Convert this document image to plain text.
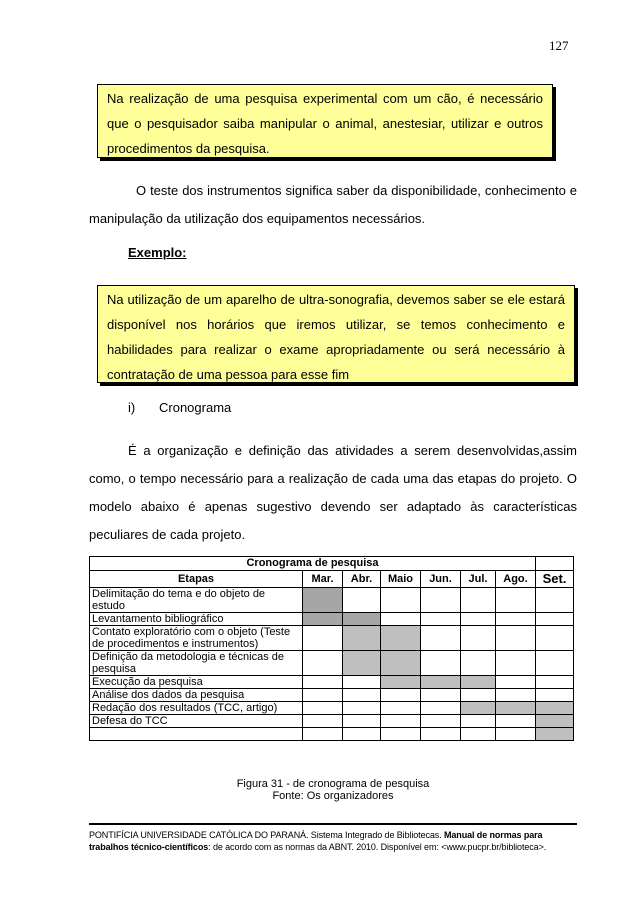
127
Na realização de uma pesquisa experimental com um cão, é necessário que o pesquisador saiba manipular o animal, anestesiar, utilizar e outros procedimentos da pesquisa.
O teste dos instrumentos significa saber da disponibilidade, conhecimento e manipulação da utilização dos equipamentos necessários.
Exemplo:
Na utilização de um aparelho de ultra-sonografia, devemos saber se ele estará disponível nos horários que iremos utilizar, se temos conhecimento e habilidades para realizar o exame apropriadamente ou será necessário à contratação de uma pessoa para esse fim
i) Cronograma
É a organização e definição das atividades a serem desenvolvidas,assim como, o tempo necessário para a realização de cada uma das etapas do projeto. O modelo abaixo é apenas sugestivo devendo ser adaptado às características peculiares de cada projeto.
Cronograma de pesquisa							
Etapas	Mar.	Abr.	Maio	Jun.	Jul.	Ago.	Set.
Delimitação do tema e do objeto de estudo							
Levantamento bibliográfico							
Contato exploratório com o objeto (Teste de procedimentos e instrumentos)							
Definição da metodologia e técnicas de pesquisa							
Execução da pesquisa							
Análise dos dados da pesquisa							
Redação dos resultados (TCC, artigo)							
Defesa do TCC							

Figura 31 - de cronograma de pesquisa
Fonte: Os organizadores
PONTIFÍCIA UNIVERSIDADE CATÓLICA DO PARANÁ. Sistema Integrado de Bibliotecas. Manual de normas para trabalhos técnico-científicos: de acordo com as normas da ABNT. 2010. Disponível em: <www.pucpr.br/biblioteca>.
